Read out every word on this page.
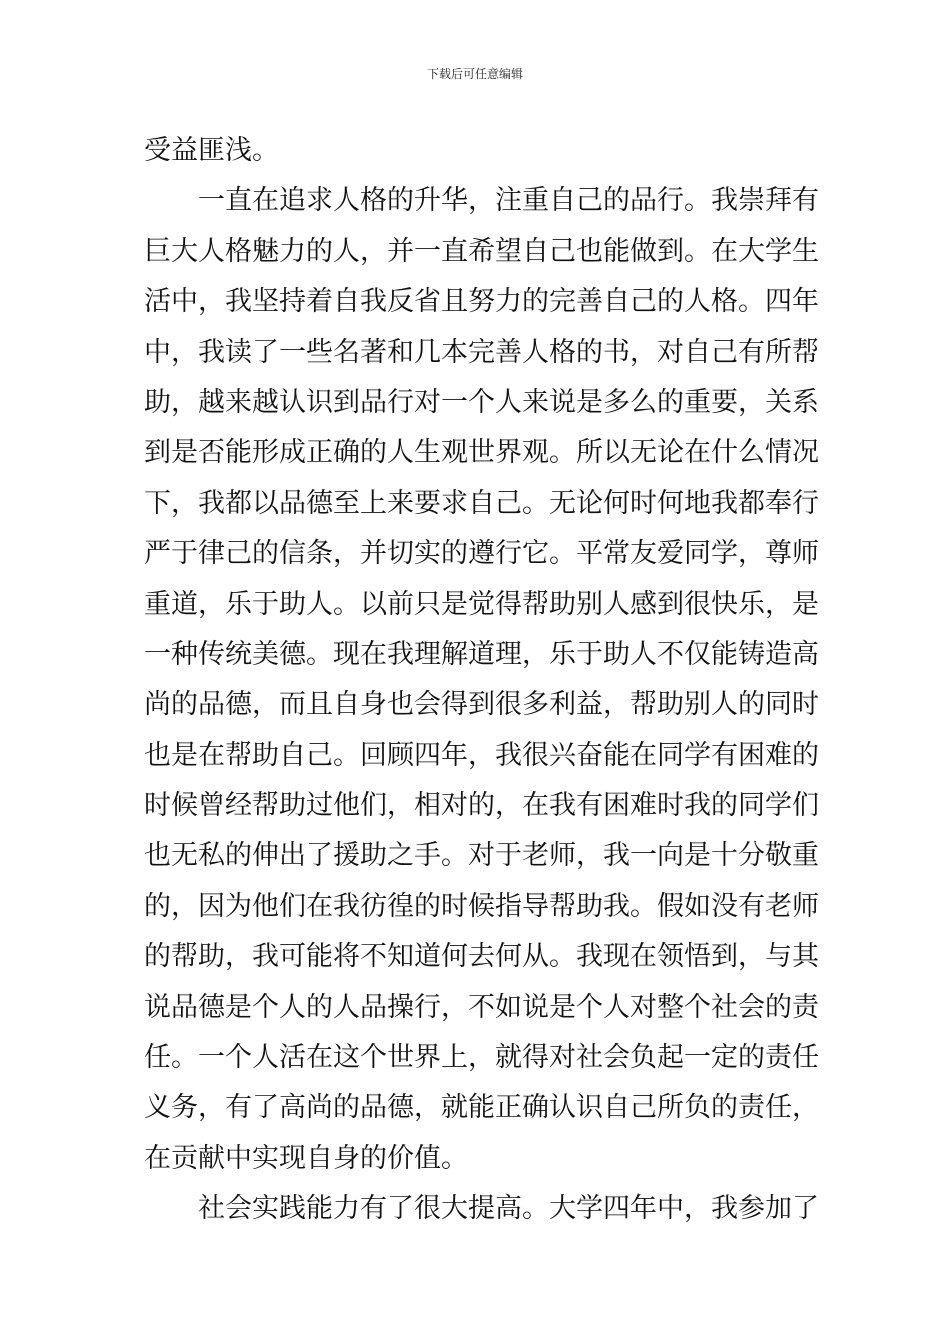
下载后可任意编辑
受益匪浅。
一直在追求人格的升华，注重自己的品行。我崇拜有
巨大人格魅力的人，并一直希望自己也能做到。在大学生
活中，我坚持着自我反省且努力的完善自己的人格。四年
中，我读了一些名著和几本完善人格的书，对自己有所帮
助，越来越认识到品行对一个人来说是多么的重要，关系
到是否能形成正确的人生观世界观。所以无论在什么情况
下，我都以品德至上来要求自己。无论何时何地我都奉行
严于律己的信条，并切实的遵行它。平常友爱同学，尊师
重道，乐于助人。以前只是觉得帮助别人感到很快乐，是
一种传统美德。现在我理解道理，乐于助人不仅能铸造高
尚的品德，而且自身也会得到很多利益，帮助别人的同时
也是在帮助自己。回顾四年，我很兴奋能在同学有困难的
时候曾经帮助过他们，相对的，在我有困难时我的同学们
也无私的伸出了援助之手。对于老师，我一向是十分敬重
的，因为他们在我彷徨的时候指导帮助我。假如没有老师
的帮助，我可能将不知道何去何从。我现在领悟到，与其
说品德是个人的人品操行，不如说是个人对整个社会的责
任。一个人活在这个世界上，就得对社会负起一定的责任
义务，有了高尚的品德，就能正确认识自己所负的责任，
在贡献中实现自身的价值。
社会实践能力有了很大提高。大学四年中，我参加了
